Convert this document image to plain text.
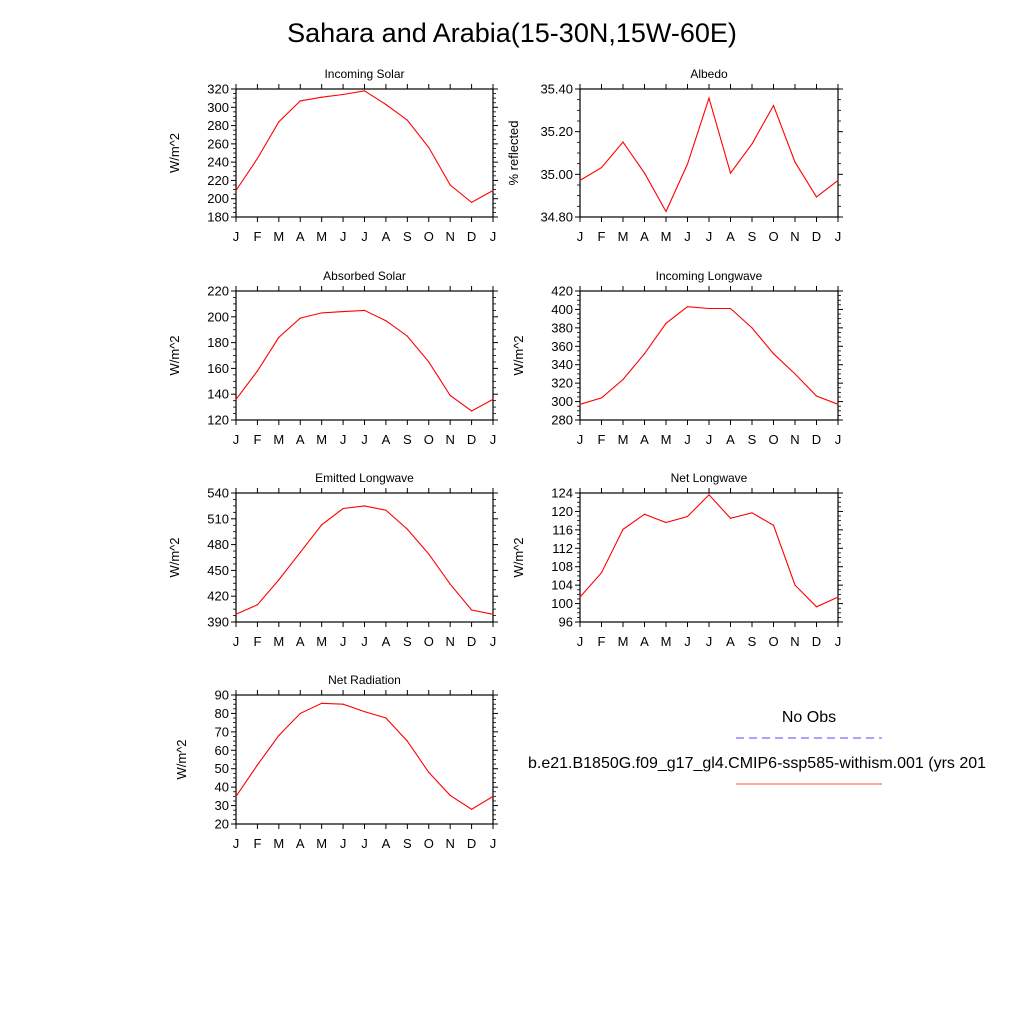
Sahara and Arabia(15-30N,15W-60E)
Incoming Solar
180
200
220
240
260
280
300
320
J F M A M J J A S O N D J
W/m^2
Albedo
34.80
35.00
35.20
35.40
J F M A M J J A S O N D J
% reflected
Absorbed Solar
120
140
160
180
200
220
J F M A M J J A S O N D J
W/m^2
Incoming Longwave
280
300
320
340
360
380
400
420
J F M A M J J A S O N D J
W/m^2
Emitted Longwave
390
420
450
480
510
540
J F M A M J J A S O N D J
W/m^2
Net Longwave
96
100
104
108
112
116
120
124
J F M A M J J A S O N D J
W/m^2
Net Radiation
20
30
40
50
60
70
80
90
J F M A M J J A S O N D J
W/m^2
No Obs
b.e21.B1850G.f09_g17_gl4.CMIP6-ssp585-withism.001 (yrs 201
